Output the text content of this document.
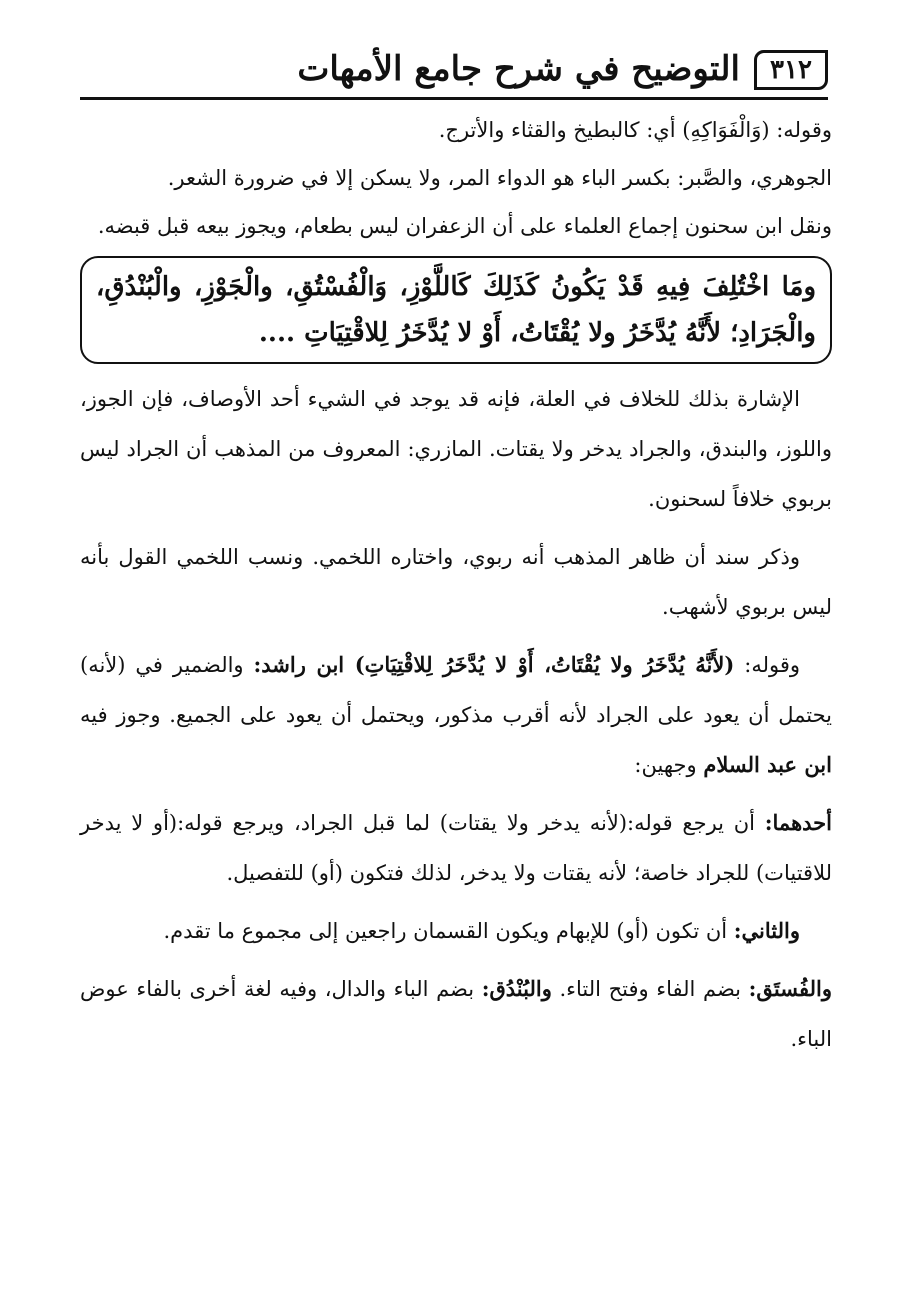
٣١٢
التوضيح في شرح جامع الأمهات

وقوله: (وَالْفَوَاكِهِ) أي: كالبطيخ والقثاء والأترج.

الجوهري، والصَّبر: بكسر الباء هو الدواء المر، ولا يسكن إلا في ضرورة الشعر.

ونقل ابن سحنون إجماع العلماء على أن الزعفران ليس بطعام، ويجوز بيعه قبل قبضه.

ومَا اخْتُلِفَ فِيهِ قَدْ يَكُونُ كَذَلِكَ كَاللَّوْزِ، وَالْفُسْتُقِ، والْجَوْزِ، والْبُنْدُقِ، والْجَرَادِ؛ لأَنَّهُ يُدَّخَرُ ولا يُقْتَاتُ، أَوْ لا يُدَّخَرُ لِلاقْتِيَاتِ ....

الإشارة بذلك للخلاف في العلة، فإنه قد يوجد في الشيء أحد الأوصاف، فإن الجوز، واللوز، والبندق، والجراد يدخر ولا يقتات. المازري: المعروف من المذهب أن الجراد ليس بربوي خلافاً لسحنون.

وذكر سند أن ظاهر المذهب أنه ربوي، واختاره اللخمي. ونسب اللخمي القول بأنه ليس بربوي لأشهب.

وقوله: (لأَنَّهُ يُدَّخَرُ ولا يُقْتَاتُ، أَوْ لا يُدَّخَرُ لِلاقْتِيَاتِ) ابن راشد: والضمير في (لأنه) يحتمل أن يعود على الجراد لأنه أقرب مذكور، ويحتمل أن يعود على الجميع. وجوز فيه ابن عبد السلام وجهين:

أحدهما: أن يرجع قوله:(لأنه يدخر ولا يقتات) لما قبل الجراد، ويرجع قوله:(أو لا يدخر للاقتيات) للجراد خاصة؛ لأنه يقتات ولا يدخر، لذلك فتكون (أو) للتفصيل.

والثاني: أن تكون (أو) للإبهام ويكون القسمان راجعين إلى مجموع ما تقدم.

والفُستَق: بضم الفاء وفتح التاء. والبُنْدُق: بضم الباء والدال، وفيه لغة أخرى بالفاء عوض الباء.
